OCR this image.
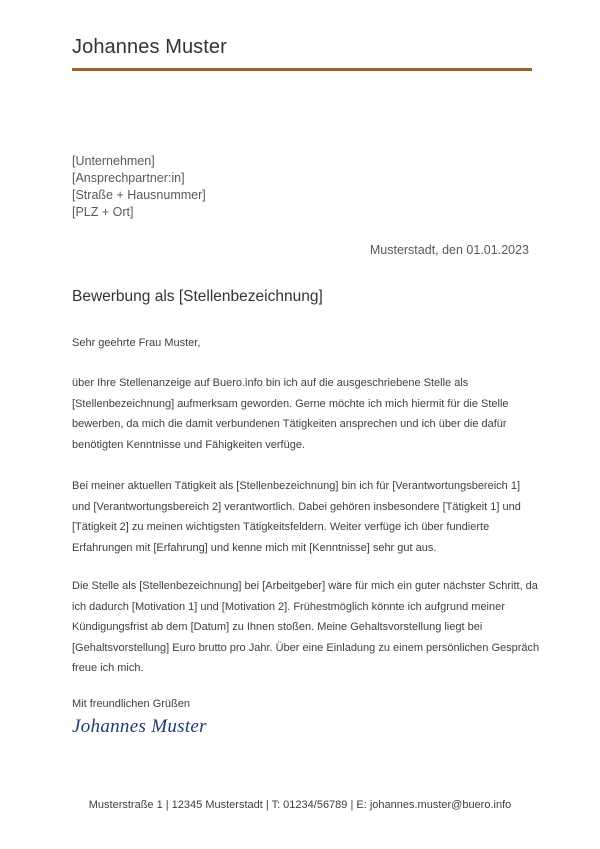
Johannes Muster
[Unternehmen]
[Ansprechpartner:in]
[Straße + Hausnummer]
[PLZ + Ort]
Musterstadt, den 01.01.2023
Bewerbung als [Stellenbezeichnung]
Sehr geehrte Frau Muster,
über Ihre Stellenanzeige auf Buero.info bin ich auf die ausgeschriebene Stelle als
[Stellenbezeichnung] aufmerksam geworden. Gerne möchte ich mich hiermit für die Stelle
bewerben, da mich die damit verbundenen Tätigkeiten ansprechen und ich über die dafür
benötigten Kenntnisse und Fähigkeiten verfüge.
Bei meiner aktuellen Tätigkeit als [Stellenbezeichnung] bin ich für [Verantwortungsbereich 1]
und [Verantwortungsbereich 2] verantwortlich. Dabei gehören insbesondere [Tätigkeit 1] und
[Tätigkeit 2] zu meinen wichtigsten Tätigkeitsfeldern. Weiter verfüge ich über fundierte
Erfahrungen mit [Erfahrung] und kenne mich mit [Kenntnisse] sehr gut aus.
Die Stelle als [Stellenbezeichnung] bei [Arbeitgeber] wäre für mich ein guter nächster Schritt, da
ich dadurch [Motivation 1] und [Motivation 2]. Frühestmöglich könnte ich aufgrund meiner
Kündigungsfrist ab dem [Datum] zu Ihnen stoßen. Meine Gehaltsvorstellung liegt bei
[Gehaltsvorstellung] Euro brutto pro Jahr. Über eine Einladung zu einem persönlichen Gespräch
freue ich mich.
Mit freundlichen Grüßen
Johannes Muster
Musterstraße 1 | 12345 Musterstadt | T: 01234/56789 | E: johannes.muster@buero.info
